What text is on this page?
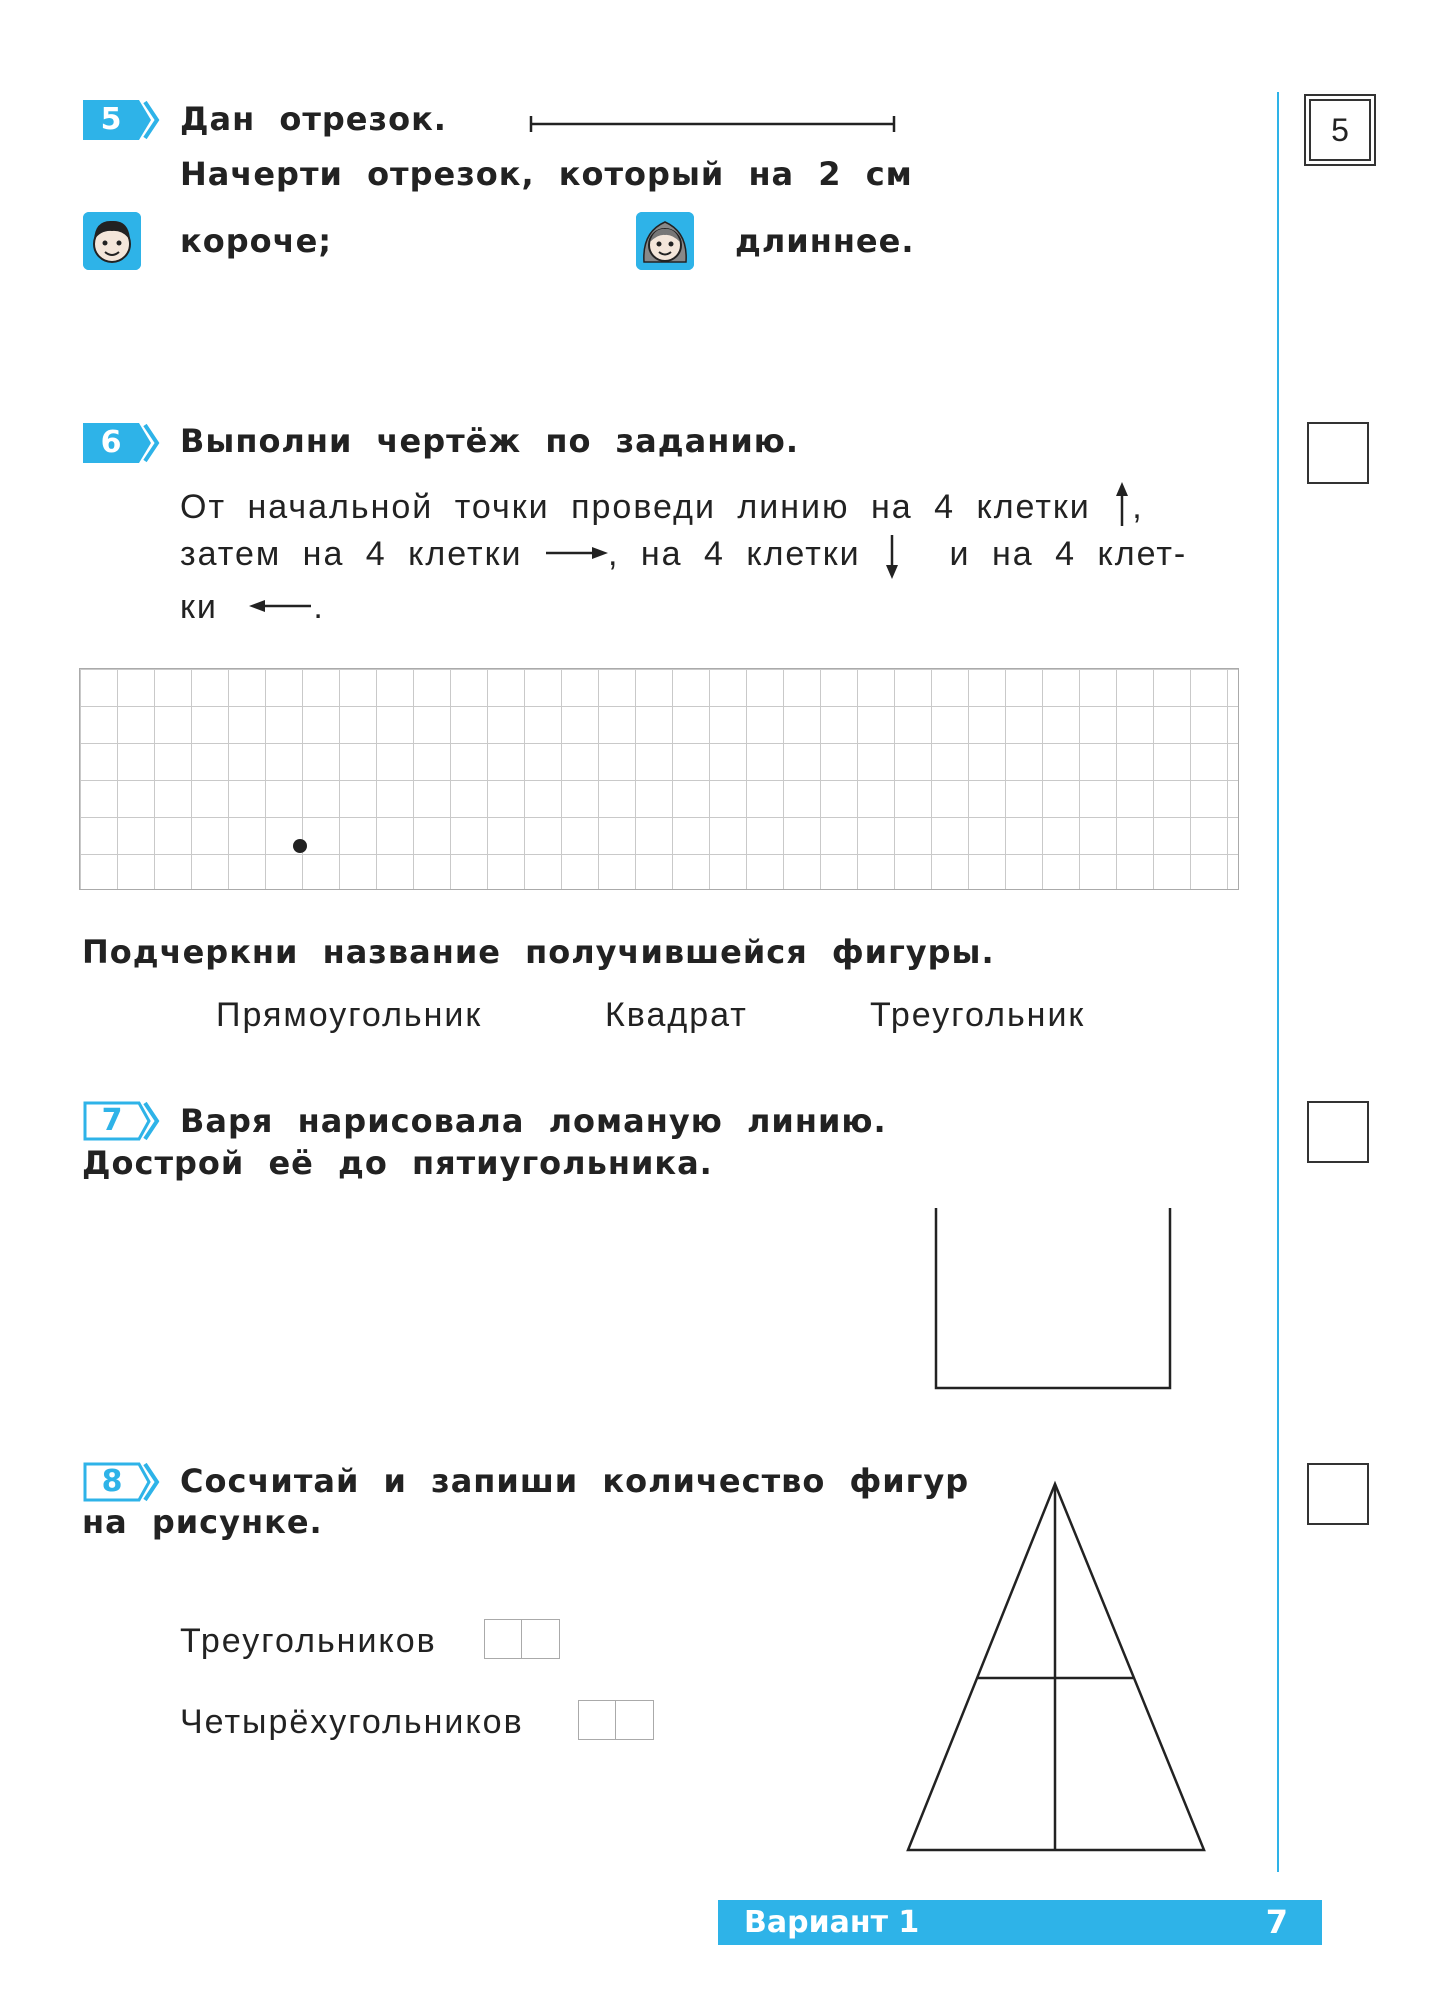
5
5	Дан отрезок.
Начерти отрезок, который на 2 см
короче;	длиннее.
6	Выполни чертёж по заданию.
От начальной точки проведи линию на 4 клетки ,
затем на 4 клетки	, на 4 клетки	и на 4 клет-
ки	.
Подчеркни название получившейся фигуры.
Прямоугольник	Квадрат	Треугольник
7	Варя нарисовала ломаную линию.
Дострой её до пятиугольника.
8	Сосчитай и запиши количество фигур
на рисунке.
Треугольников
Четырёхугольников
Вариант 1	7
